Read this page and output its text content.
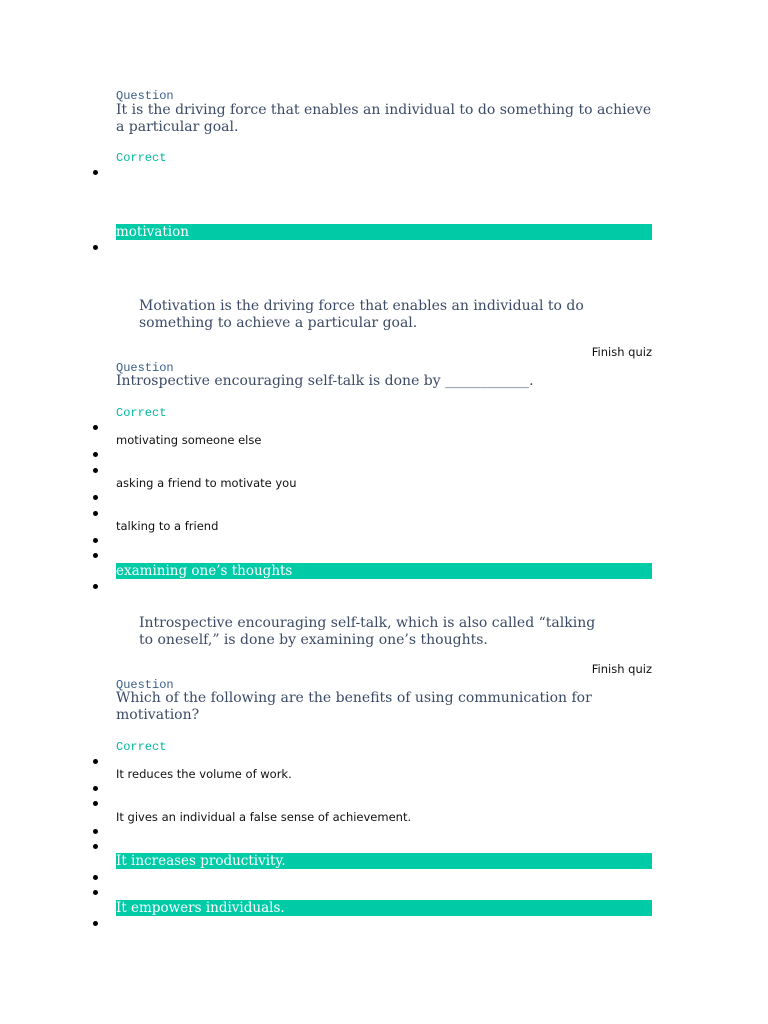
Question
It is the driving force that enables an individual to do something to achieve a particular goal.
Correct
motivation
Motivation is the driving force that enables an individual to do something to achieve a particular goal.
Finish quiz
Question
Introspective encouraging self-talk is done by ____________.
Correct
motivating someone else
asking a friend to motivate you
talking to a friend
examining one’s thoughts
Introspective encouraging self-talk, which is also called “talking to oneself,” is done by examining one’s thoughts.
Finish quiz
Question
Which of the following are the benefits of using communication for motivation?
Correct
It reduces the volume of work.
It gives an individual a false sense of achievement.
It increases productivity.
It empowers individuals.
